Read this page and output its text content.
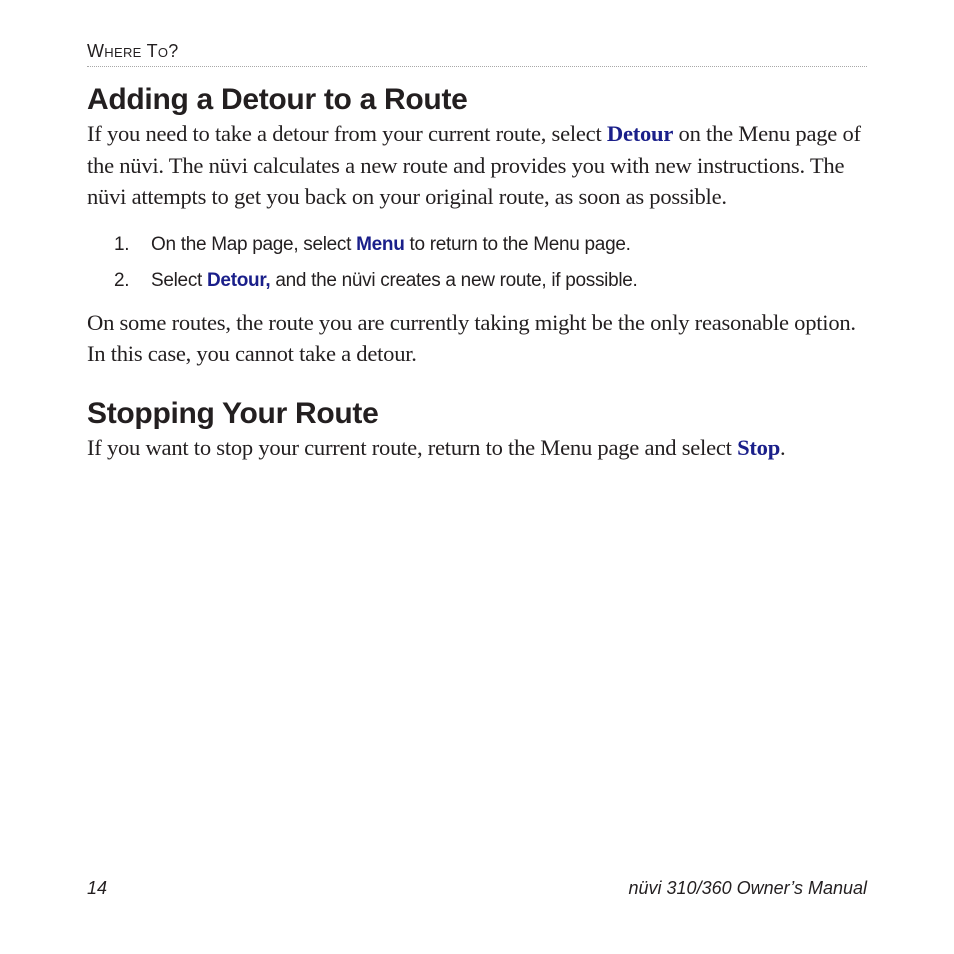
Where To?
Adding a Detour to a Route

If you need to take a detour from your current route, select Detour on the Menu page of the nüvi. The nüvi calculates a new route and provides you with new instructions. The nüvi attempts to get you back on your original route, as soon as possible.

1. On the Map page, select Menu to return to the Menu page.
2. Select Detour, and the nüvi creates a new route, if possible.

On some routes, the route you are currently taking might be the only reasonable option. In this case, you cannot take a detour.

Stopping Your Route

If you want to stop your current route, return to the Menu page and select Stop.

14	nüvi 310/360 Owner’s Manual
